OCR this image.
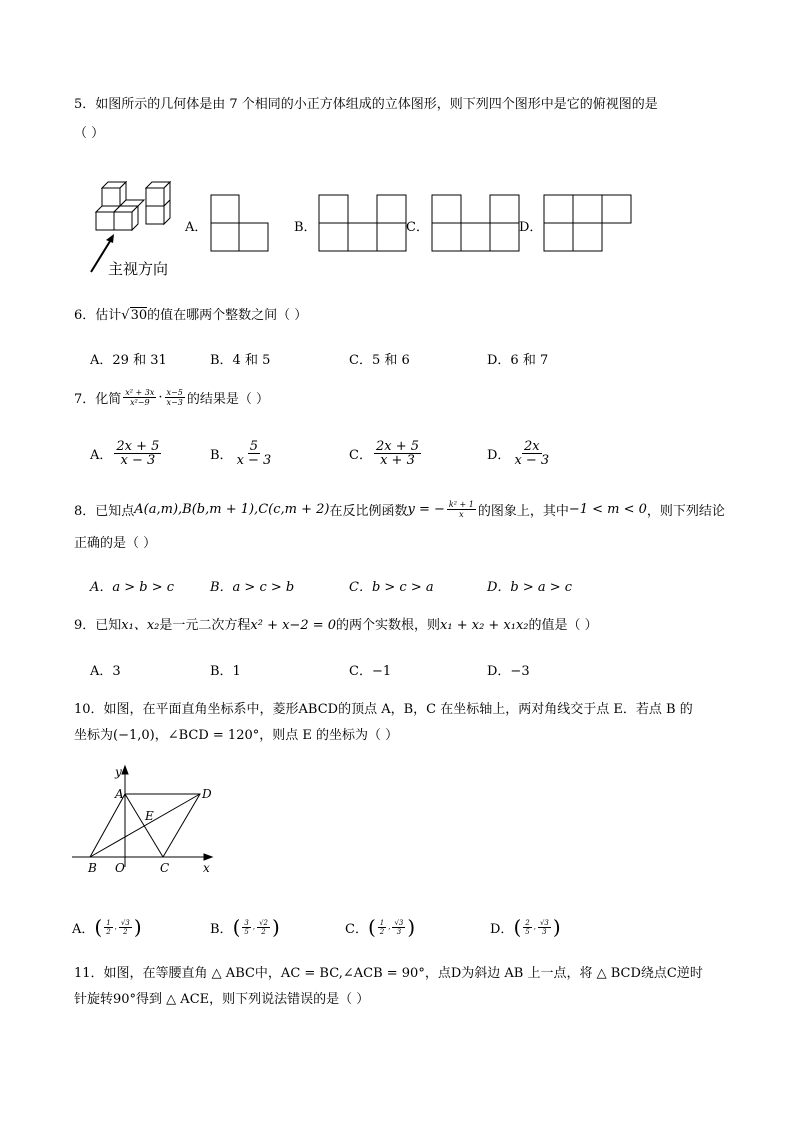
5．如图所示的几何体是由 7 个相同的小正方体组成的立体图形，则下列四个图形中是它的俯视图的是
（ ）
主视方向
A．	B．	C．	D．
6．估计√30的值在哪两个整数之间（ ）
A．29 和 31	B．4 和 5	C．5 和 6	D．6 和 7
7．化简 $\frac{\text{x² + 3x}}{\text{x²−9}} \cdot \frac{x-5}{x-3}$ 的结果是（ ）
A． $\frac{2x + 5}{x - 3}$	B． $\frac{5}{x - 3}$	C． $\frac{2x + 5}{x + 3}$	D． $\frac{2x}{x - 3}$
8．已知点 A(a,m),B(b,m + 1),C(c,m + 2) 在反比例函数 y = − $\frac{\text{k² + 1}}{x}$ 的图象上，其中 −1 < m < 0 ，则下列结论
正确的是（ ）
A．a > b > c	B．a > c > b	C．b > c > a	D．b > a > c
9．已知x₁、x₂是一元二次方程x² + x−2 = 0的两个实数根，则x₁ + x₂ + x₁x₂的值是（ ）
A．3	B．1	C．−1	D．−3
10．如图，在平面直角坐标系中，菱形ABCD的顶点 A，B，C 在坐标轴上，两对角线交于点 E．若点 B 的
坐标为(−1,0)，∠BCD = 120°，则点 E 的坐标为（ ）
y
x
A	D
E
B O	C
A． ( $\frac{1}{2}$ , $\frac{√3}{2}$ )	B． ( $\frac{3}{5}$ , $\frac{√2}{2}$ )	C． ( $\frac{1}{2}$ , $\frac{√3}{3}$ )	D． ( $\frac{2}{5}$ , $\frac{√3}{3}$ )
11．如图，在等腰直角 △ ABC中，AC = BC,∠ACB = 90°，点D为斜边 AB 上一点，将 △ BCD绕点C逆时
针旋转90°得到 △ ACE，则下列说法错误的是（ ）
